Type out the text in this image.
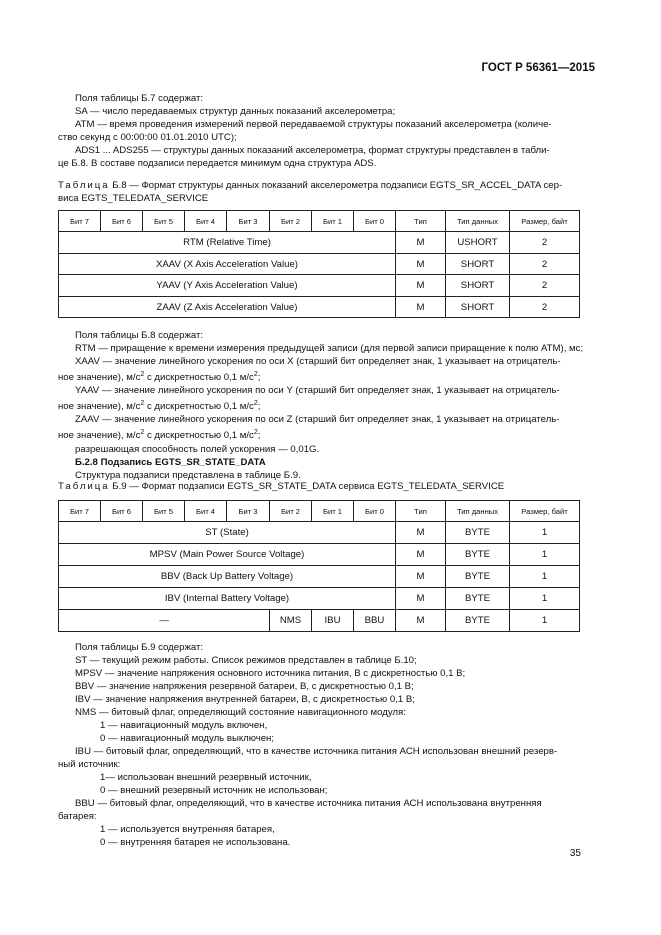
ГОСТ Р 56361—2015

Поля таблицы Б.7 содержат:

SA — число передаваемых структур данных показаний акселерометра;

ATM — время проведения измерений первой передаваемой структуры показаний акселерометра (количе-

ство секунд с 00:00:00 01.01.2010 UTC);

ADS1 ... ADS255 — структуры данных показаний акселерометра, формат структуры представлен в табли-

це Б.8. В составе подзаписи передается минимум одна структура ADS.

Таблица Б.8 — Формат структуры данных показаний акселерометра подзаписи EGTS_SR_ACCEL_DATA сер-
виса EGTS_TELEDATA_SERVICE
Бит 7	Бит 6	Бит 5	Бит 4	Бит 3	Бит 2	Бит 1	Бит 0	Тип	Тип данных	Размер, байт
RTM (Relative Time)								M	USHORT	2
XAAV (X Axis Acceleration Value)								M	SHORT	2
YAAV (Y Axis Acceleration Value)								M	SHORT	2
ZAAV (Z Axis Acceleration Value)								M	SHORT	2

Поля таблицы Б.8 содержат:

RTM — приращение к времени измерения предыдущей записи (для первой записи приращение к полю ATM), мс;

XAAV — значение линейного ускорения по оси X (старший бит определяет знак, 1 указывает на отрицатель-

ное значение), $м/с^2$ с дискретностью 0,1 $м/с^2$;

YAAV — значение линейного ускорения по оси Y (старший бит определяет знак, 1 указывает на отрицатель-

ное значение), $м/с^2$ с дискретностью 0,1 $м/с^2$;

ZAAV — значение линейного ускорения по оси Z (старший бит определяет знак, 1 указывает на отрицатель-

ное значение), $м/с^2$ с дискретностью 0,1 $м/с^2$;

разрешающая способность полей ускорения — 0,01G.

Б.2.8 Подзапись EGTS_SR_STATE_DATA

Структура подзаписи представлена в таблице Б.9.

Таблица Б.9 — Формат подзаписи EGTS_SR_STATE_DATA сервиса EGTS_TELEDATA_SERVICE
Бит 7	Бит 6	Бит 5	Бит 4	Бит 3	Бит 2	Бит 1	Бит 0	Тип	Тип данных	Размер, байт
ST (State)								M	BYTE	1
MPSV (Main Power Source Voltage)								M	BYTE	1
BBV (Back Up Battery Voltage)								M	BYTE	1
IBV (Internal Battery Voltage)								M	BYTE	1
—					NMS	IBU	BBU	M	BYTE	1

Поля таблицы Б.9 содержат:

ST — текущий режим работы. Список режимов представлен в таблице Б.10;

MPSV — значение напряжения основного источника питания, В с дискретностью 0,1 В;

BBV — значение напряжения резервной батареи, В, с дискретностью 0,1 В;

IBV — значение напряжения внутренней батареи, В, с дискретностью 0,1 В;

NMS — битовый флаг, определяющий состояние навигационного модуля:

1 — навигационный модуль включен,

0 — навигационный модуль выключен;

IBU — битовый флаг, определяющий, что в качестве источника питания АСН использован внешний резерв-

ный источник:

1— использован внешний резервный источник,

0 — внешний резервный источник не использован;

BBU — битовый флаг, определяющий, что в качестве источника питания АСН использована внутренняя

батарея:

1 — используется внутренняя батарея,

0 — внутренняя батарея не использована.

35
